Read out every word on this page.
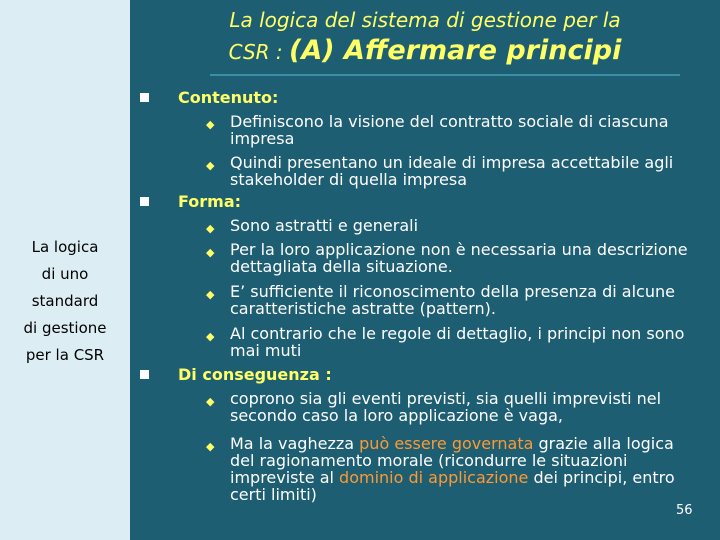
La logica
di uno
standard
di gestione
per la CSR
La logica del sistema di gestione per la
CSR : (A) Affermare principi
Contenuto:
◆ Definiscono la visione del contratto sociale di ciascuna impresa
◆ Quindi presentano un ideale di impresa accettabile agli stakeholder di quella impresa
Forma:
◆ Sono astratti e generali
◆ Per la loro applicazione non è necessaria una descrizione dettagliata della situazione.
◆ E’ sufficiente il riconoscimento della presenza di alcune caratteristiche astratte (pattern).
◆ Al contrario che le regole di dettaglio, i principi non sono mai muti
Di conseguenza :
◆ coprono sia gli eventi previsti, sia quelli imprevisti nel secondo caso la loro applicazione è vaga,
◆ Ma la vaghezza può essere governata grazie alla logica del ragionamento morale (ricondurre le situazioni impreviste al dominio di applicazione dei principi, entro certi limiti)
56
